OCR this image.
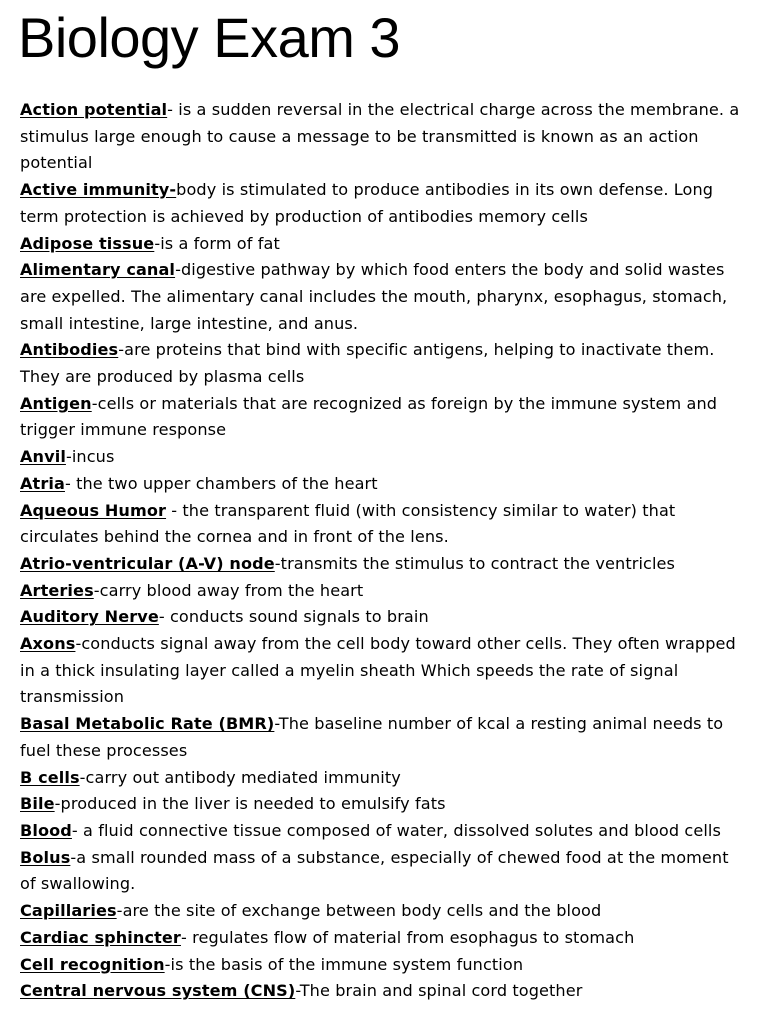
Biology Exam 3

Action potential- is a sudden reversal in the electrical charge across the membrane. a stimulus large enough to cause a message to be transmitted is known as an action potential

Active immunity-body is stimulated to produce antibodies in its own defense. Long term protection is achieved by production of antibodies memory cells

Adipose tissue-is a form of fat

Alimentary canal-digestive pathway by which food enters the body and solid wastes are expelled. The alimentary canal includes the mouth, pharynx, esophagus, stomach, small intestine, large intestine, and anus.

Antibodies-are proteins that bind with specific antigens, helping to inactivate them. They are produced by plasma cells

Antigen-cells or materials that are recognized as foreign by the immune system and trigger immune response

Anvil-incus

Atria- the two upper chambers of the heart

Aqueous Humor - the transparent fluid (with consistency similar to water) that circulates behind the cornea and in front of the lens.

Atrio-ventricular (A-V) node-transmits the stimulus to contract the ventricles

Arteries-carry blood away from the heart

Auditory Nerve- conducts sound signals to brain

Axons-conducts signal away from the cell body toward other cells. They often wrapped in a thick insulating layer called a myelin sheath Which speeds the rate of signal transmission

Basal Metabolic Rate (BMR)-The baseline number of kcal a resting animal needs to fuel these processes

B cells-carry out antibody mediated immunity

Bile-produced in the liver is needed to emulsify fats

Blood- a fluid connective tissue composed of water, dissolved solutes and blood cells

Bolus-a small rounded mass of a substance, especially of chewed food at the moment of swallowing.

Capillaries-are the site of exchange between body cells and the blood

Cardiac sphincter- regulates flow of material from esophagus to stomach

Cell recognition-is the basis of the immune system function

Central nervous system (CNS)-The brain and spinal cord together
